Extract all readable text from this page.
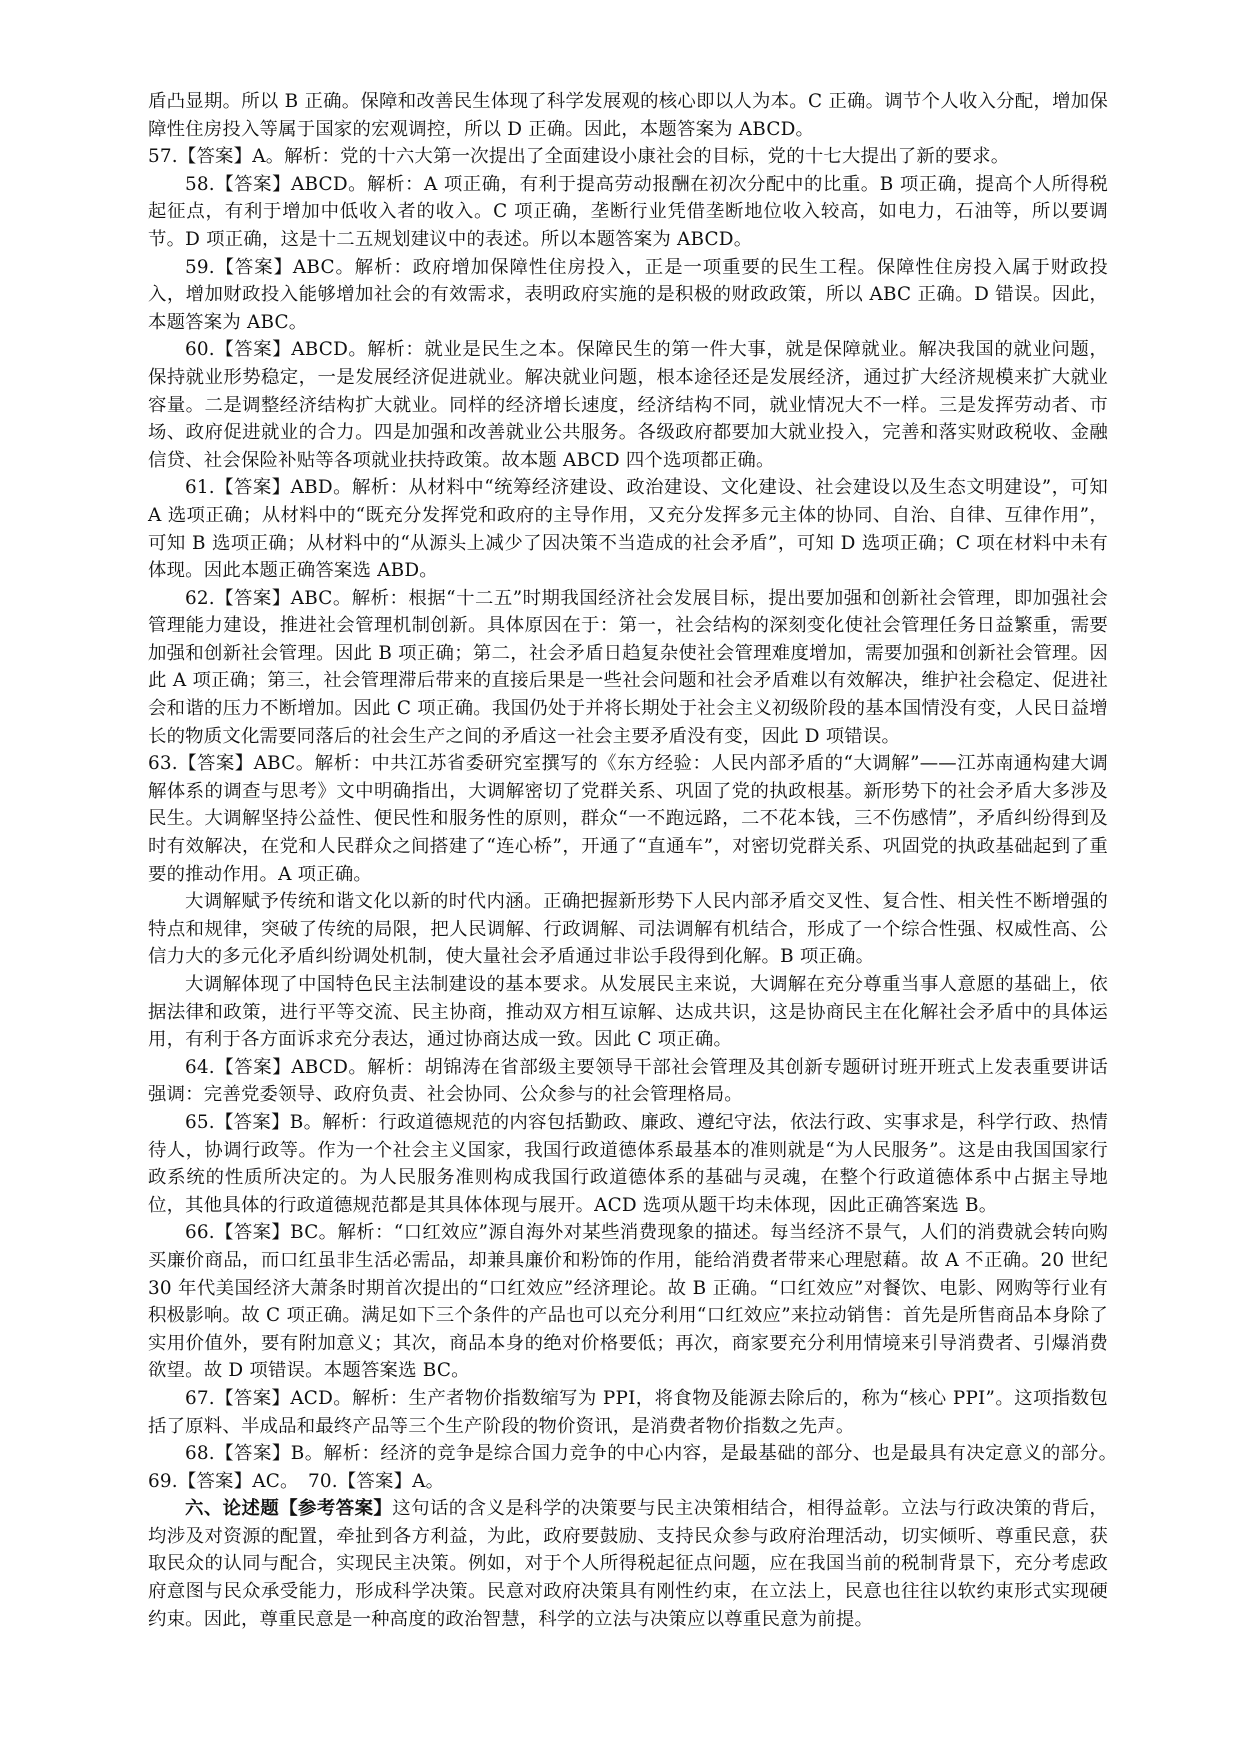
盾凸显期。所以 B 正确。保障和改善民生体现了科学发展观的核心即以人为本。C 正确。调节个人收入分配，增加保障性住房投入等属于国家的宏观调控，所以 D 正确。因此，本题答案为 ABCD。

57.【答案】A。解析：党的十六大第一次提出了全面建设小康社会的目标，党的十七大提出了新的要求。

58.【答案】ABCD。解析：A 项正确，有利于提高劳动报酬在初次分配中的比重。B 项正确，提高个人所得税起征点，有利于增加中低收入者的收入。C 项正确，垄断行业凭借垄断地位收入较高，如电力，石油等，所以要调节。D 项正确，这是十二五规划建议中的表述。所以本题答案为 ABCD。

59.【答案】ABC。解析：政府增加保障性住房投入，正是一项重要的民生工程。保障性住房投入属于财政投入，增加财政投入能够增加社会的有效需求，表明政府实施的是积极的财政政策，所以 ABC 正确。D 错误。因此，本题答案为 ABC。

60.【答案】ABCD。解析：就业是民生之本。保障民生的第一件大事，就是保障就业。解决我国的就业问题，保持就业形势稳定，一是发展经济促进就业。解决就业问题，根本途径还是发展经济，通过扩大经济规模来扩大就业容量。二是调整经济结构扩大就业。同样的经济增长速度，经济结构不同，就业情况大不一样。三是发挥劳动者、市场、政府促进就业的合力。四是加强和改善就业公共服务。各级政府都要加大就业投入，完善和落实财政税收、金融信贷、社会保险补贴等各项就业扶持政策。故本题 ABCD 四个选项都正确。

61.【答案】ABD。解析：从材料中“统筹经济建设、政治建设、文化建设、社会建设以及生态文明建设”，可知 A 选项正确；从材料中的“既充分发挥党和政府的主导作用，又充分发挥多元主体的协同、自治、自律、互律作用”，可知 B 选项正确；从材料中的“从源头上减少了因决策不当造成的社会矛盾”，可知 D 选项正确；C 项在材料中未有体现。因此本题正确答案选 ABD。

62.【答案】ABC。解析：根据“十二五”时期我国经济社会发展目标，提出要加强和创新社会管理，即加强社会管理能力建设，推进社会管理机制创新。具体原因在于：第一，社会结构的深刻变化使社会管理任务日益繁重，需要加强和创新社会管理。因此 B 项正确；第二，社会矛盾日趋复杂使社会管理难度增加，需要加强和创新社会管理。因此 A 项正确；第三，社会管理滞后带来的直接后果是一些社会问题和社会矛盾难以有效解决，维护社会稳定、促进社会和谐的压力不断增加。因此 C 项正确。我国仍处于并将长期处于社会主义初级阶段的基本国情没有变，人民日益增长的物质文化需要同落后的社会生产之间的矛盾这一社会主要矛盾没有变，因此 D 项错误。

63.【答案】ABC。解析：中共江苏省委研究室撰写的《东方经验：人民内部矛盾的“大调解”——江苏南通构建大调解体系的调查与思考》文中明确指出，大调解密切了党群关系、巩固了党的执政根基。新形势下的社会矛盾大多涉及民生。大调解坚持公益性、便民性和服务性的原则，群众“一不跑远路，二不花本钱，三不伤感情”，矛盾纠纷得到及时有效解决，在党和人民群众之间搭建了“连心桥”，开通了“直通车”，对密切党群关系、巩固党的执政基础起到了重要的推动作用。A 项正确。

大调解赋予传统和谐文化以新的时代内涵。正确把握新形势下人民内部矛盾交叉性、复合性、相关性不断增强的特点和规律，突破了传统的局限，把人民调解、行政调解、司法调解有机结合，形成了一个综合性强、权威性高、公信力大的多元化矛盾纠纷调处机制，使大量社会矛盾通过非讼手段得到化解。B 项正确。

大调解体现了中国特色民主法制建设的基本要求。从发展民主来说，大调解在充分尊重当事人意愿的基础上，依据法律和政策，进行平等交流、民主协商，推动双方相互谅解、达成共识，这是协商民主在化解社会矛盾中的具体运用，有利于各方面诉求充分表达，通过协商达成一致。因此 C 项正确。

64.【答案】ABCD。解析：胡锦涛在省部级主要领导干部社会管理及其创新专题研讨班开班式上发表重要讲话强调：完善党委领导、政府负责、社会协同、公众参与的社会管理格局。

65.【答案】B。解析：行政道德规范的内容包括勤政、廉政、遵纪守法，依法行政、实事求是，科学行政、热情待人，协调行政等。作为一个社会主义国家，我国行政道德体系最基本的准则就是“为人民服务”。这是由我国国家行政系统的性质所决定的。为人民服务准则构成我国行政道德体系的基础与灵魂，在整个行政道德体系中占据主导地位，其他具体的行政道德规范都是其具体体现与展开。ACD 选项从题干均未体现，因此正确答案选 B。

66.【答案】BC。解析：“口红效应”源自海外对某些消费现象的描述。每当经济不景气，人们的消费就会转向购买廉价商品，而口红虽非生活必需品，却兼具廉价和粉饰的作用，能给消费者带来心理慰藉。故 A 不正确。20 世纪 30 年代美国经济大萧条时期首次提出的“口红效应”经济理论。故 B 正确。“口红效应”对餐饮、电影、网购等行业有积极影响。故 C 项正确。满足如下三个条件的产品也可以充分利用“口红效应”来拉动销售：首先是所售商品本身除了实用价值外，要有附加意义；其次，商品本身的绝对价格要低；再次，商家要充分利用情境来引导消费者、引爆消费欲望。故 D 项错误。本题答案选 BC。

67.【答案】ACD。解析：生产者物价指数缩写为 PPI，将食物及能源去除后的，称为“核心 PPI”。这项指数包括了原料、半成品和最终产品等三个生产阶段的物价资讯，是消费者物价指数之先声。

68.【答案】B。解析：经济的竞争是综合国力竞争的中心内容，是最基础的部分、也是最具有决定意义的部分。　69.【答案】AC。　70.【答案】A。

六、论述题【参考答案】这句话的含义是科学的决策要与民主决策相结合，相得益彰。立法与行政决策的背后，均涉及对资源的配置，牵扯到各方利益，为此，政府要鼓励、支持民众参与政府治理活动，切实倾听、尊重民意，获取民众的认同与配合，实现民主决策。例如，对于个人所得税起征点问题，应在我国当前的税制背景下，充分考虑政府意图与民众承受能力，形成科学决策。民意对政府决策具有刚性约束，在立法上，民意也往往以软约束形式实现硬约束。因此，尊重民意是一种高度的政治智慧，科学的立法与决策应以尊重民意为前提。
